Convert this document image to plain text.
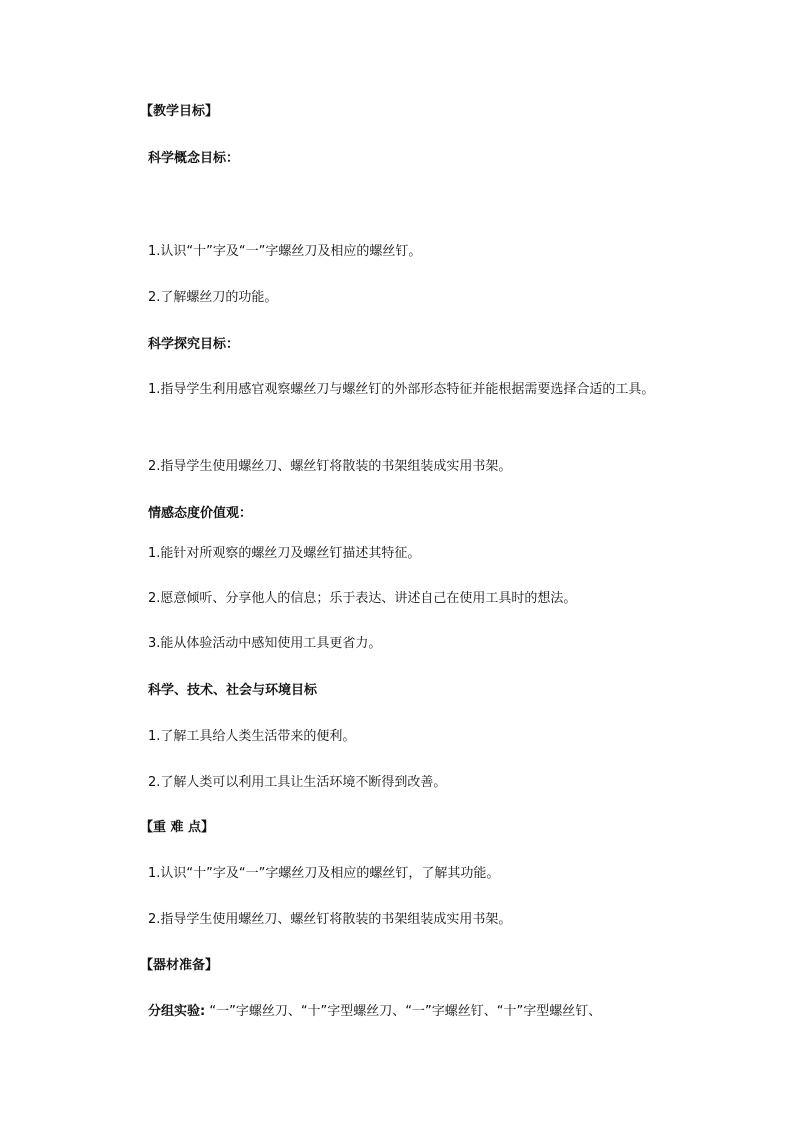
【教学目标】
科学概念目标：
1.认识“十”字及“一”字螺丝刀及相应的螺丝钉。
2.了解螺丝刀的功能。
科学探究目标：
1.指导学生利用感官观察螺丝刀与螺丝钉的外部形态特征并能根据需要选择合适的工具。
2.指导学生使用螺丝刀、螺丝钉将散装的书架组装成实用书架。
情感态度价值观：
1.能针对所观察的螺丝刀及螺丝钉描述其特征。
2.愿意倾听、分享他人的信息；乐于表达、讲述自己在使用工具时的想法。
3.能从体验活动中感知使用工具更省力。
科学、技术、社会与环境目标
1.了解工具给人类生活带来的便利。
2.了解人类可以利用工具让生活环境不断得到改善。
【重 难 点】
1.认识“十”字及“一”字螺丝刀及相应的螺丝钉，了解其功能。
2.指导学生使用螺丝刀、螺丝钉将散装的书架组装成实用书架。
【器材准备】
分组实验: “一”字螺丝刀、“十”字型螺丝刀、“一”字螺丝钉、“十”字型螺丝钉、
